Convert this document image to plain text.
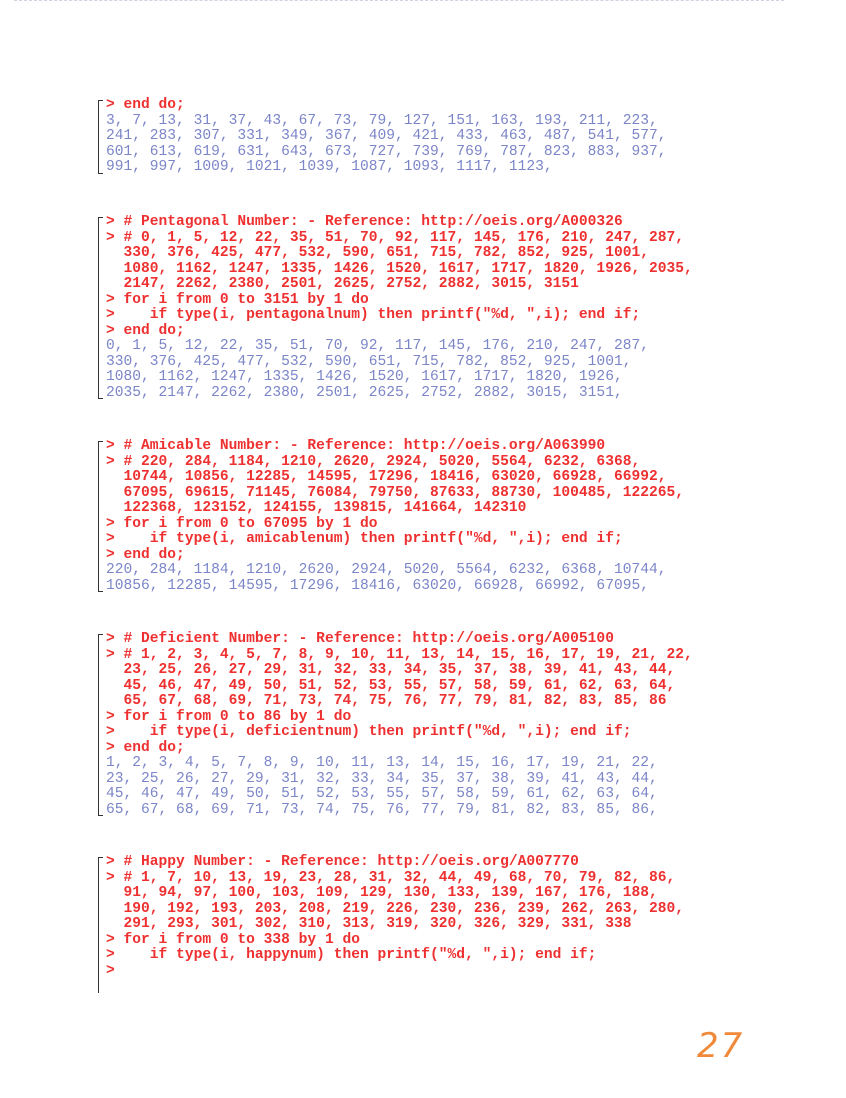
> end do;
3, 7, 13, 31, 37, 43, 67, 73, 79, 127, 151, 163, 193, 211, 223,
241, 283, 307, 331, 349, 367, 409, 421, 433, 463, 487, 541, 577,
601, 613, 619, 631, 643, 673, 727, 739, 769, 787, 823, 883, 937,
991, 997, 1009, 1021, 1039, 1087, 1093, 1117, 1123,
> # Pentagonal Number: - Reference: http://oeis.org/A000326
> # 0, 1, 5, 12, 22, 35, 51, 70, 92, 117, 145, 176, 210, 247, 287,
330, 376, 425, 477, 532, 590, 651, 715, 782, 852, 925, 1001,
1080, 1162, 1247, 1335, 1426, 1520, 1617, 1717, 1820, 1926, 2035,
2147, 2262, 2380, 2501, 2625, 2752, 2882, 3015, 3151
> for i from 0 to 3151 by 1 do
>    if type(i, pentagonalnum) then printf("%d, ",i); end if;
> end do;
0, 1, 5, 12, 22, 35, 51, 70, 92, 117, 145, 176, 210, 247, 287,
330, 376, 425, 477, 532, 590, 651, 715, 782, 852, 925, 1001,
1080, 1162, 1247, 1335, 1426, 1520, 1617, 1717, 1820, 1926,
2035, 2147, 2262, 2380, 2501, 2625, 2752, 2882, 3015, 3151,
> # Amicable Number: - Reference: http://oeis.org/A063990
> # 220, 284, 1184, 1210, 2620, 2924, 5020, 5564, 6232, 6368,
10744, 10856, 12285, 14595, 17296, 18416, 63020, 66928, 66992,
67095, 69615, 71145, 76084, 79750, 87633, 88730, 100485, 122265,
122368, 123152, 124155, 139815, 141664, 142310
> for i from 0 to 67095 by 1 do
>    if type(i, amicablenum) then printf("%d, ",i); end if;
> end do;
220, 284, 1184, 1210, 2620, 2924, 5020, 5564, 6232, 6368, 10744,
10856, 12285, 14595, 17296, 18416, 63020, 66928, 66992, 67095,
> # Deficient Number: - Reference: http://oeis.org/A005100
> # 1, 2, 3, 4, 5, 7, 8, 9, 10, 11, 13, 14, 15, 16, 17, 19, 21, 22,
23, 25, 26, 27, 29, 31, 32, 33, 34, 35, 37, 38, 39, 41, 43, 44,
45, 46, 47, 49, 50, 51, 52, 53, 55, 57, 58, 59, 61, 62, 63, 64,
65, 67, 68, 69, 71, 73, 74, 75, 76, 77, 79, 81, 82, 83, 85, 86
> for i from 0 to 86 by 1 do
>    if type(i, deficientnum) then printf("%d, ",i); end if;
> end do;
1, 2, 3, 4, 5, 7, 8, 9, 10, 11, 13, 14, 15, 16, 17, 19, 21, 22,
23, 25, 26, 27, 29, 31, 32, 33, 34, 35, 37, 38, 39, 41, 43, 44,
45, 46, 47, 49, 50, 51, 52, 53, 55, 57, 58, 59, 61, 62, 63, 64,
65, 67, 68, 69, 71, 73, 74, 75, 76, 77, 79, 81, 82, 83, 85, 86,
> # Happy Number: - Reference: http://oeis.org/A007770
> # 1, 7, 10, 13, 19, 23, 28, 31, 32, 44, 49, 68, 70, 79, 82, 86,
91, 94, 97, 100, 103, 109, 129, 130, 133, 139, 167, 176, 188,
190, 192, 193, 203, 208, 219, 226, 230, 236, 239, 262, 263, 280,
291, 293, 301, 302, 310, 313, 319, 320, 326, 329, 331, 338
> for i from 0 to 338 by 1 do
>    if type(i, happynum) then printf("%d, ",i); end if;
>
27
